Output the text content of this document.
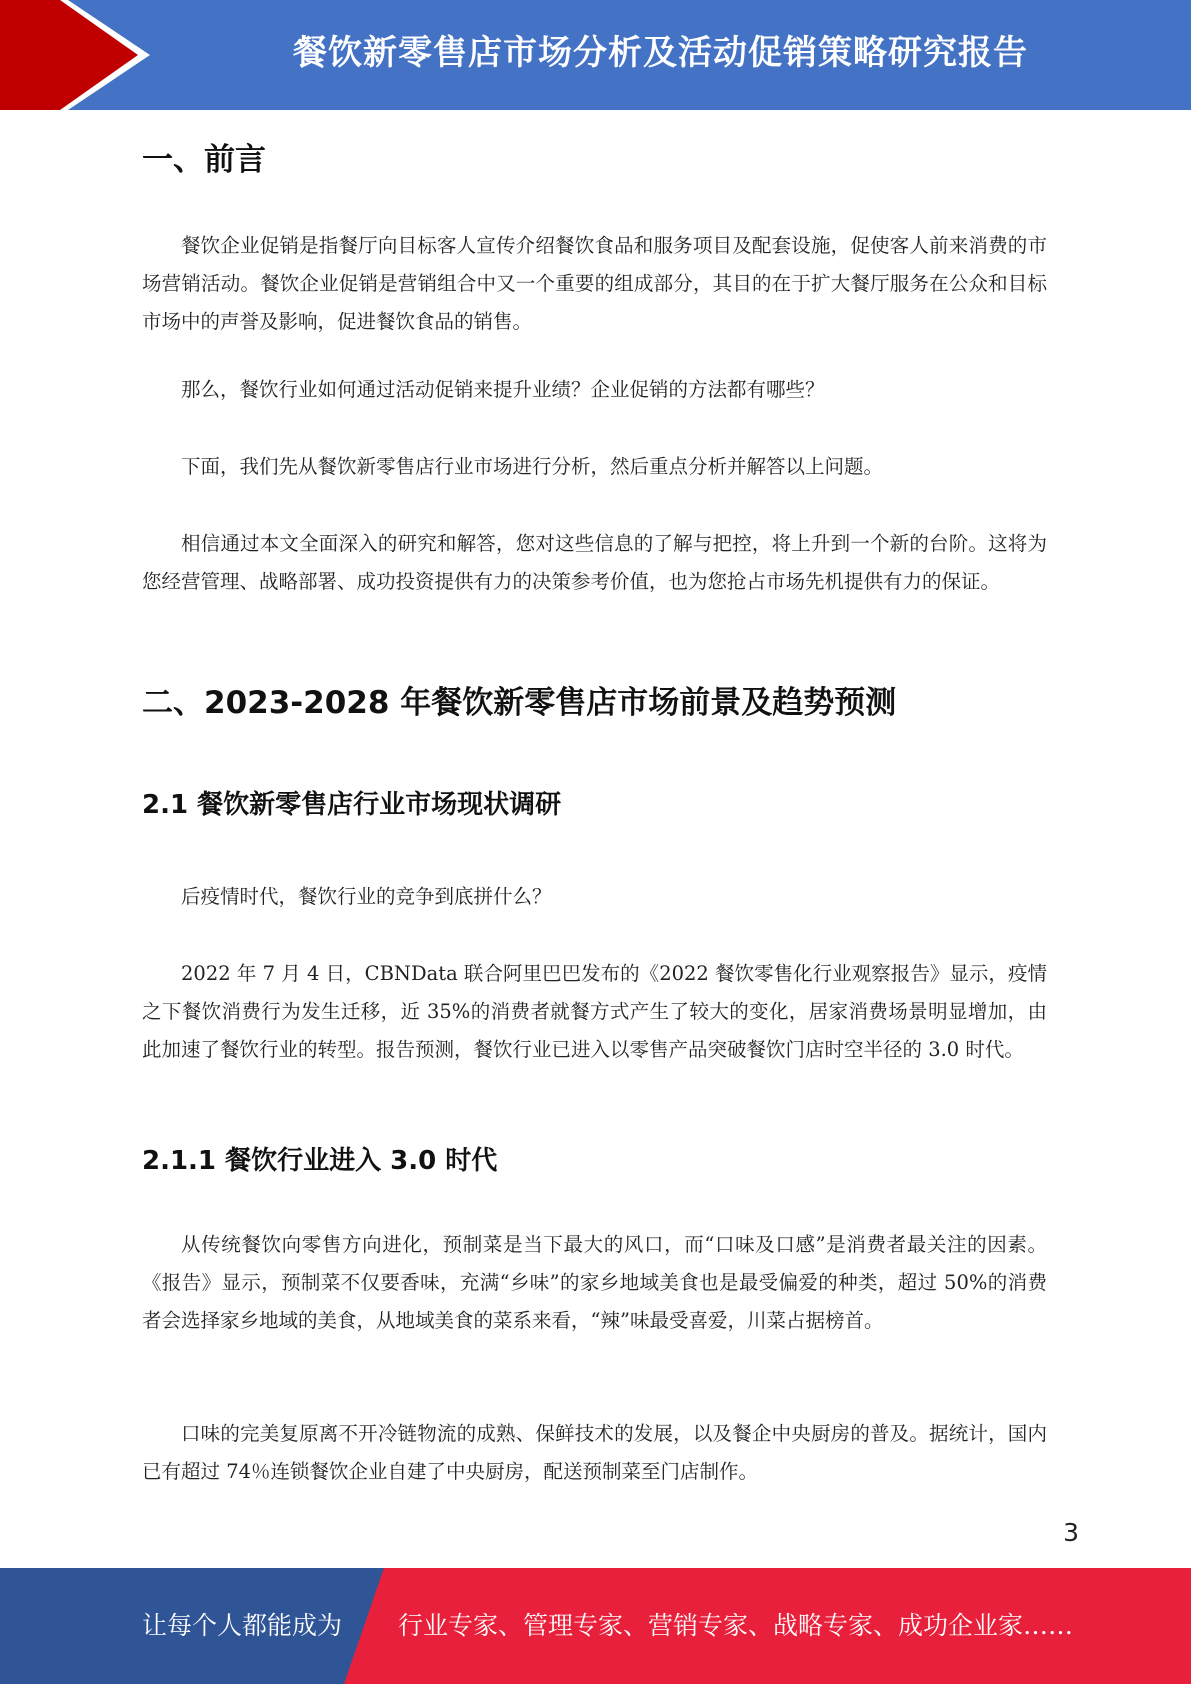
餐饮新零售店市场分析及活动促销策略研究报告
一、前言

餐饮企业促销是指餐厅向目标客人宣传介绍餐饮食品和服务项目及配套设施，促使客人前来消费的市场营销活动。餐饮企业促销是营销组合中又一个重要的组成部分，其目的在于扩大餐厅服务在公众和目标市场中的声誉及影响，促进餐饮食品的销售。

那么，餐饮行业如何通过活动促销来提升业绩？企业促销的方法都有哪些？

下面，我们先从餐饮新零售店行业市场进行分析，然后重点分析并解答以上问题。

相信通过本文全面深入的研究和解答，您对这些信息的了解与把控，将上升到一个新的台阶。这将为您经营管理、战略部署、成功投资提供有力的决策参考价值，也为您抢占市场先机提供有力的保证。

二、2023-2028 年餐饮新零售店市场前景及趋势预测
2.1 餐饮新零售店行业市场现状调研

后疫情时代，餐饮行业的竞争到底拼什么？

2022 年 7 月 4 日，CBNData 联合阿里巴巴发布的《2022 餐饮零售化行业观察报告》显示，疫情之下餐饮消费行为发生迁移，近 35%的消费者就餐方式产生了较大的变化，居家消费场景明显增加，由此加速了餐饮行业的转型。报告预测，餐饮行业已进入以零售产品突破餐饮门店时空半径的 3.0 时代。

2.1.1 餐饮行业进入 3.0 时代

从传统餐饮向零售方向进化，预制菜是当下最大的风口，而“口味及口感”是消费者最关注的因素。《报告》显示，预制菜不仅要香味，充满“乡味”的家乡地域美食也是最受偏爱的种类，超过 50%的消费者会选择家乡地域的美食，从地域美食的菜系来看，“辣”味最受喜爱，川菜占据榜首。

口味的完美复原离不开冷链物流的成熟、保鲜技术的发展，以及餐企中央厨房的普及。据统计，国内已有超过 74％连锁餐饮企业自建了中央厨房，配送预制菜至门店制作。

3
让每个人都能成为 行业专家、管理专家、营销专家、战略专家、成功企业家……
